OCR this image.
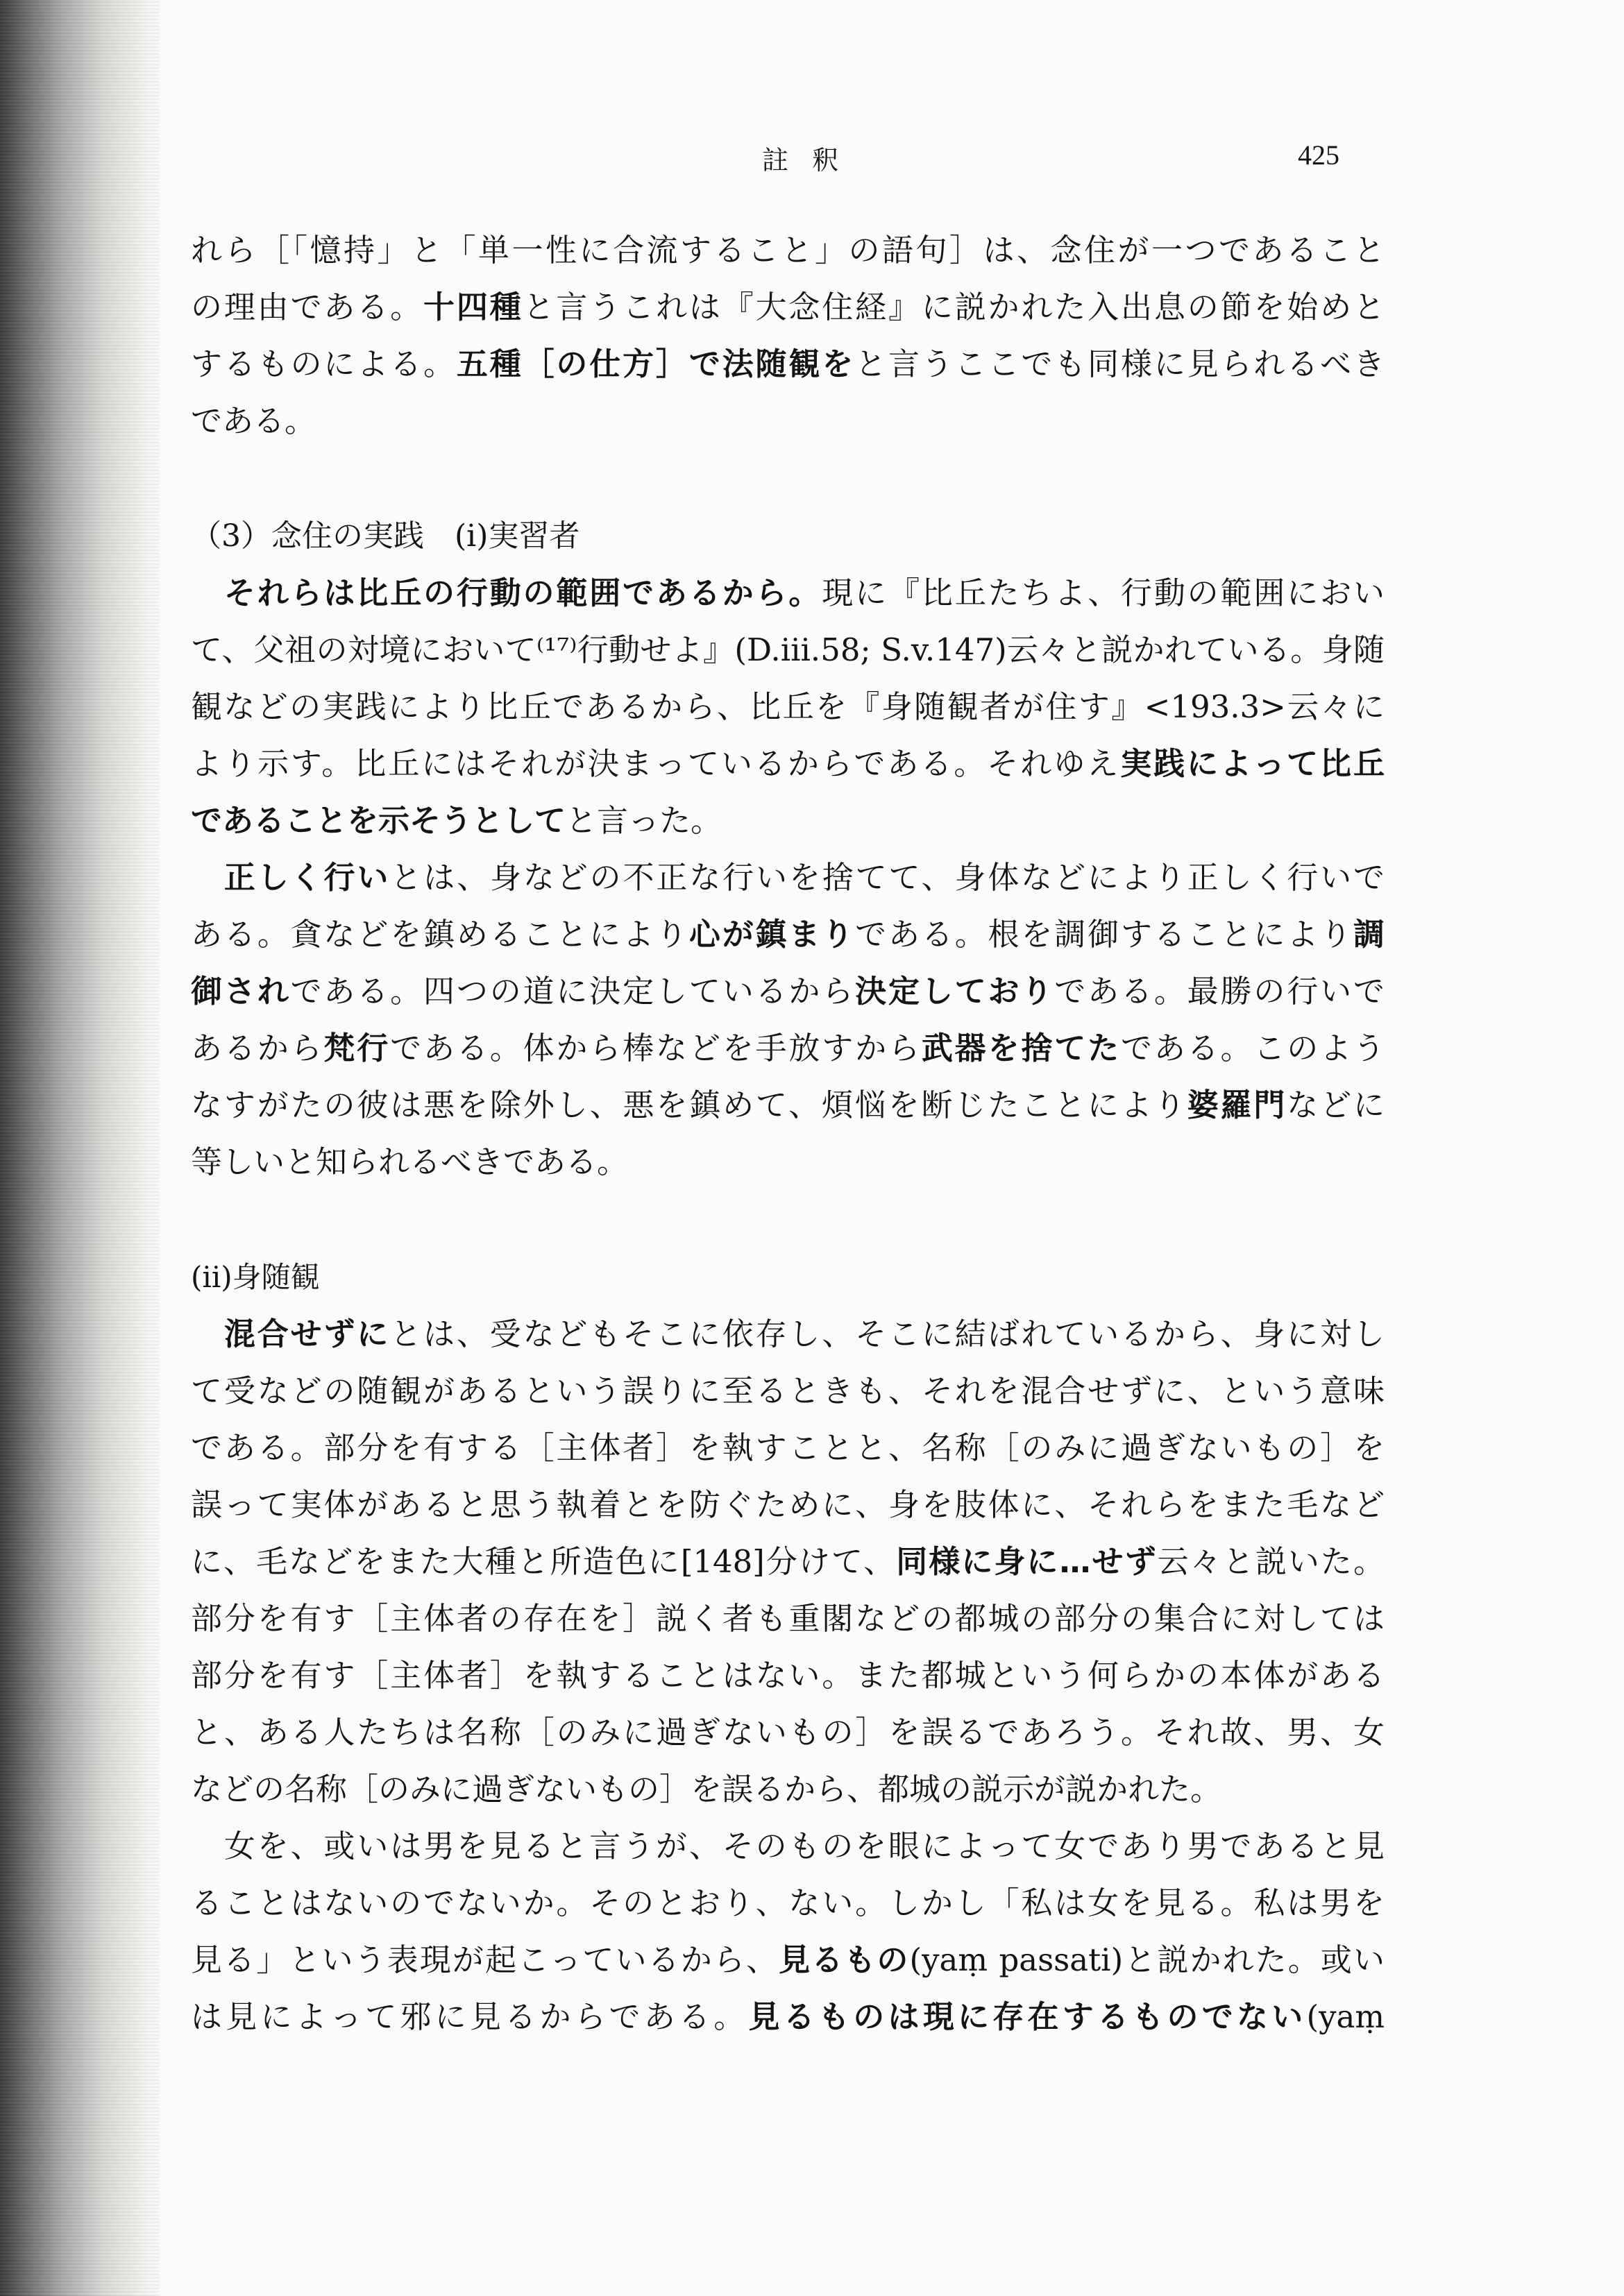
註釈	425
れら［「憶持」と「単一性に合流すること」の語句］は、念住が一つであること
の理由である。十四種と言うこれは『大念住経』に説かれた入出息の節を始めと
するものによる。五種［の仕方］で法随観をと言うここでも同様に見られるべき
である。
（3）念住の実践　(i)実習者
　それらは比丘の行動の範囲であるから。現に『比丘たちよ、行動の範囲におい
て、父祖の対境において⁽¹⁷⁾行動せよ』(D.iii.58; S.v.147)云々と説かれている。身随
観などの実践により比丘であるから、比丘を『身随観者が住す』<193.3>云々に
より示す。比丘にはそれが決まっているからである。それゆえ実践によって比丘
であることを示そうとしてと言った。
　正しく行いとは、身などの不正な行いを捨てて、身体などにより正しく行いで
ある。貪などを鎮めることにより心が鎮まりである。根を調御することにより調
御されである。四つの道に決定しているから決定しておりである。最勝の行いで
あるから梵行である。体から棒などを手放すから武器を捨てたである。このよう
なすがたの彼は悪を除外し、悪を鎮めて、煩悩を断じたことにより婆羅門などに
等しいと知られるべきである。
(ii)身随観
　混合せずにとは、受などもそこに依存し、そこに結ばれているから、身に対し
て受などの随観があるという誤りに至るときも、それを混合せずに、という意味
である。部分を有する［主体者］を執すことと、名称［のみに過ぎないもの］を
誤って実体があると思う執着とを防ぐために、身を肢体に、それらをまた毛など
に、毛などをまた大種と所造色に[148]分けて、同様に身に…せず云々と説いた。
部分を有す［主体者の存在を］説く者も重閣などの都城の部分の集合に対しては
部分を有す［主体者］を執することはない。また都城という何らかの本体がある
と、ある人たちは名称［のみに過ぎないもの］を誤るであろう。それ故、男、女
などの名称［のみに過ぎないもの］を誤るから、都城の説示が説かれた。
　女を、或いは男を見ると言うが、そのものを眼によって女であり男であると見
ることはないのでないか。そのとおり、ない。しかし「私は女を見る。私は男を
見る」という表現が起こっているから、見るもの(yaṃ passati)と説かれた。或い
は見によって邪に見るからである。見るものは現に存在するものでない(yaṃ
